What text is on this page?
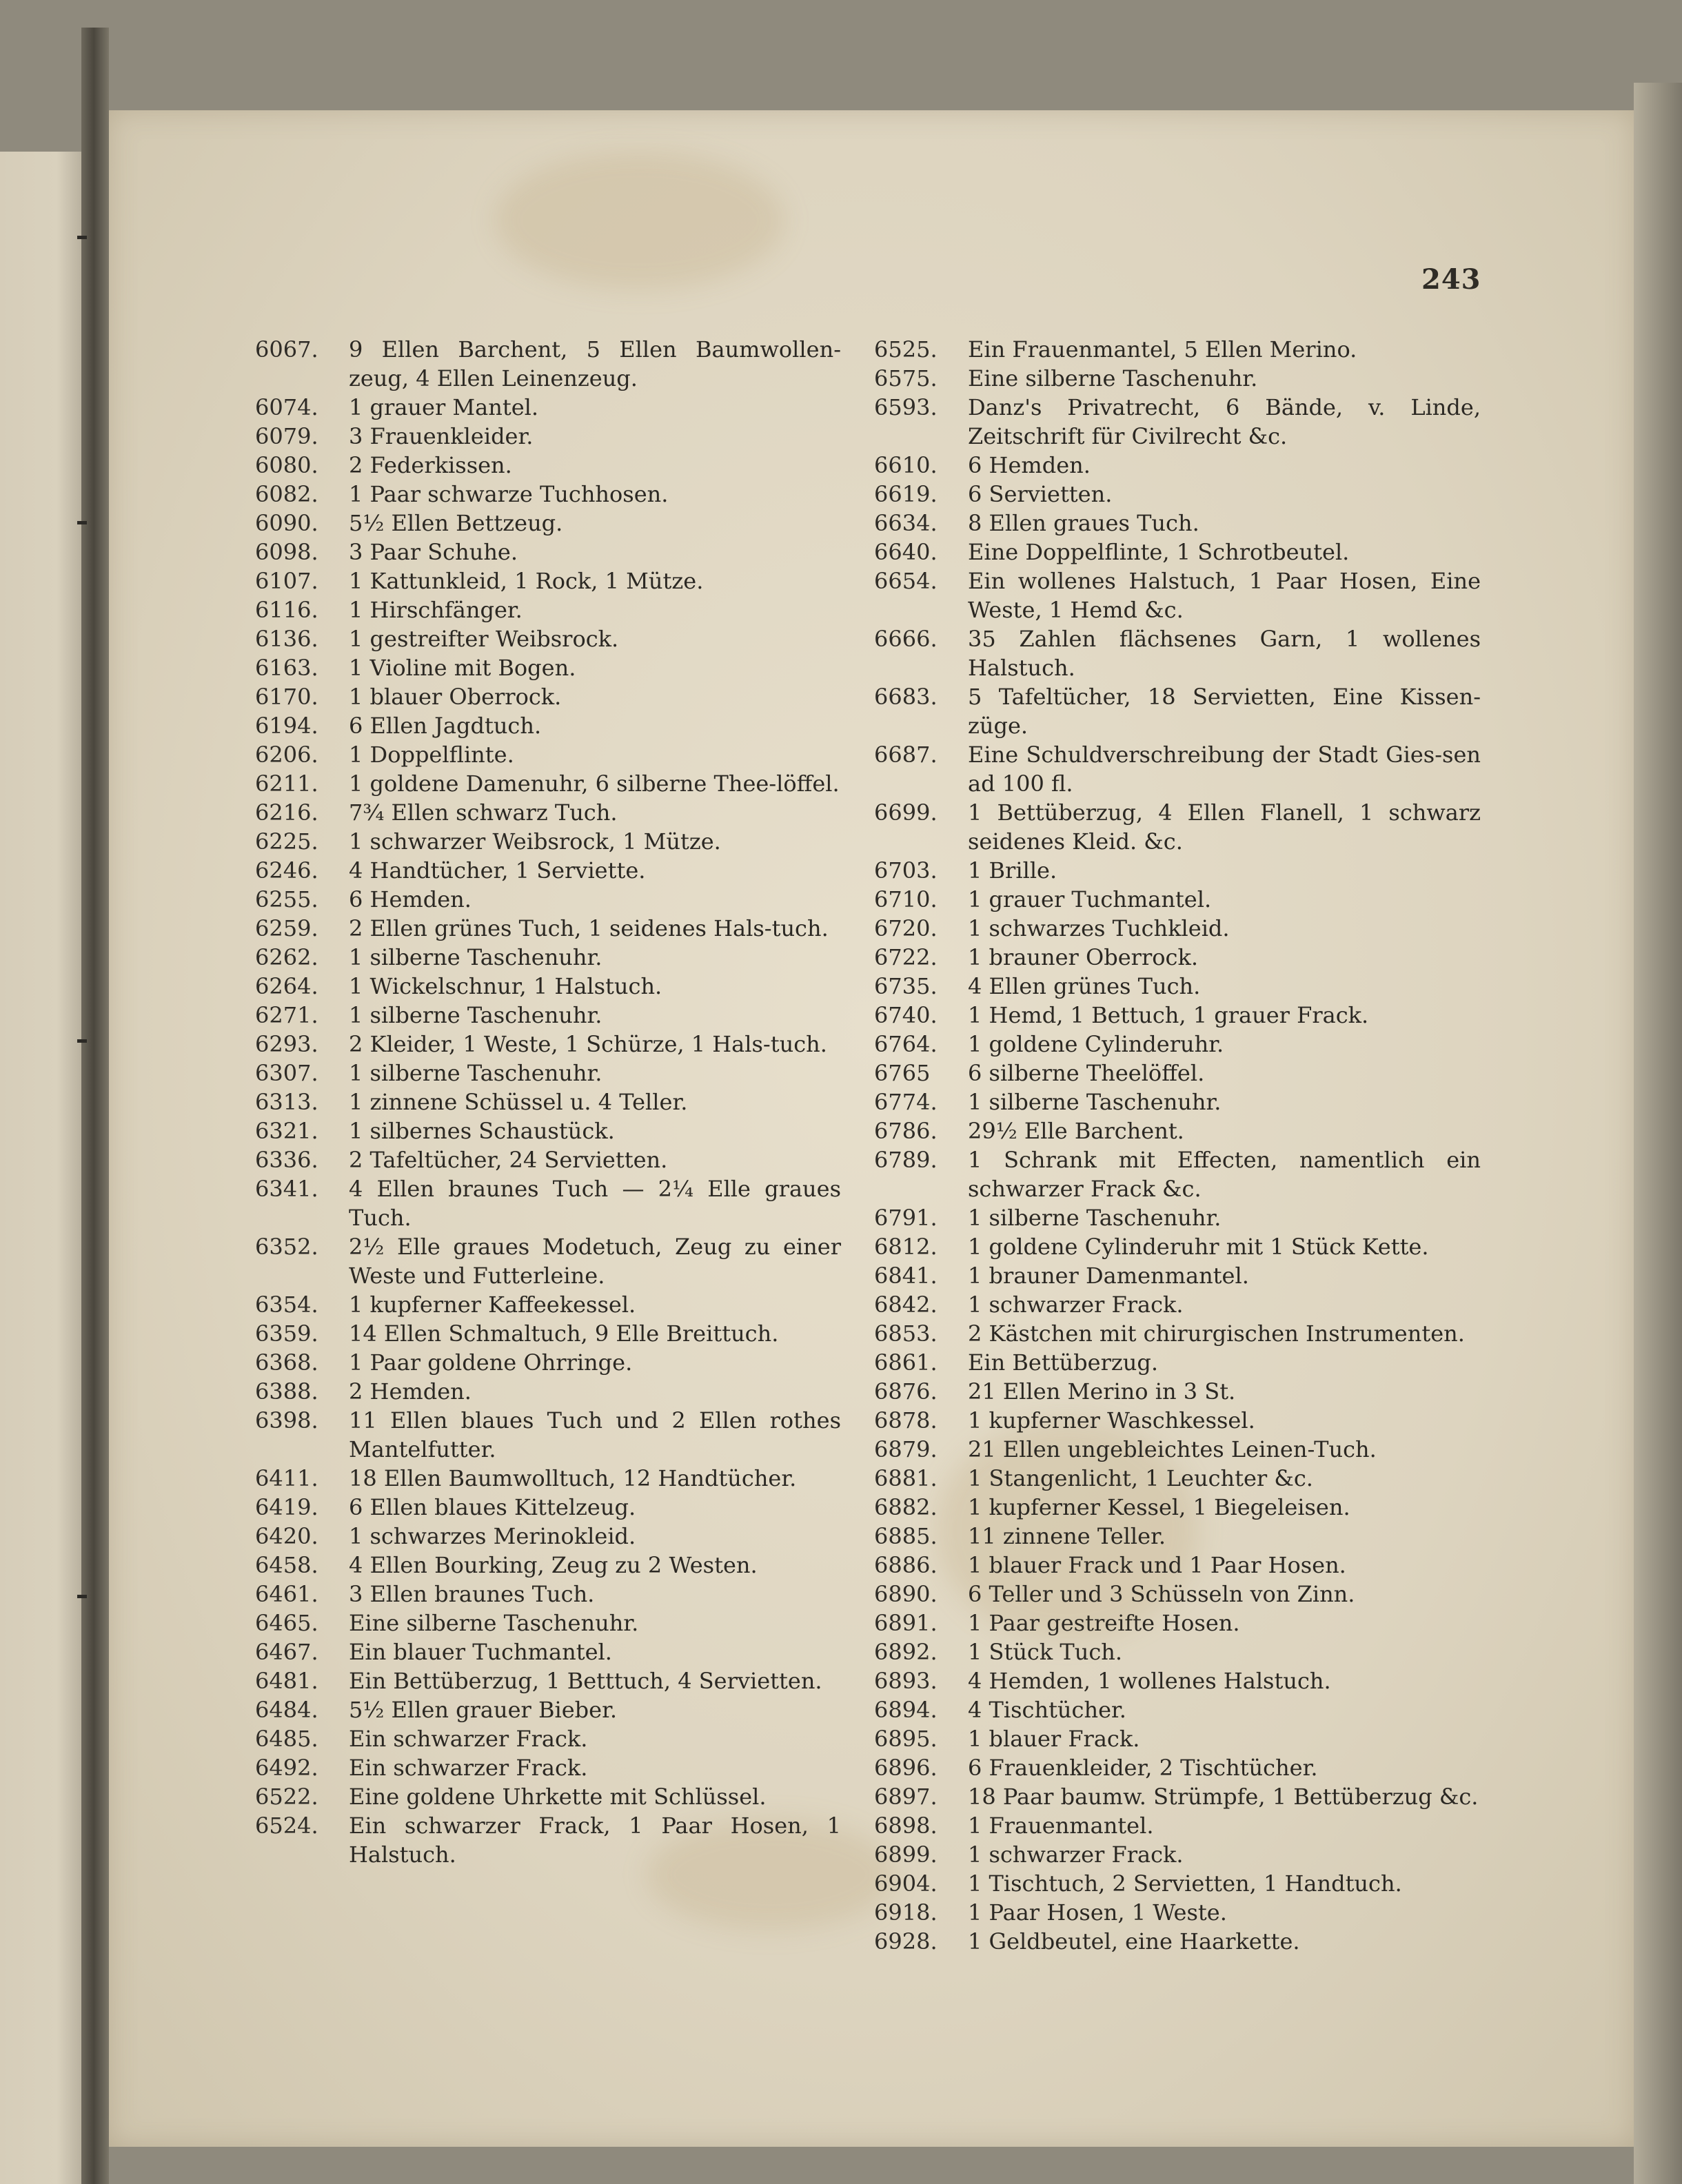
243
6067.	9 Ellen Barchent, 5 Ellen Baumwollen-zeug, 4 Ellen Leinenzeug.
6074.	1 grauer Mantel.
6079.	3 Frauenkleider.
6080.	2 Federkissen.
6082.	1 Paar schwarze Tuchhosen.
6090.	5½ Ellen Bettzeug.
6098.	3 Paar Schuhe.
6107.	1 Kattunkleid, 1 Rock, 1 Mütze.
6116.	1 Hirschfänger.
6136.	1 gestreifter Weibsrock.
6163.	1 Violine mit Bogen.
6170.	1 blauer Oberrock.
6194.	6 Ellen Jagdtuch.
6206.	1 Doppelflinte.
6211.	1 goldene Damenuhr, 6 silberne Thee-löffel.
6216.	7¾ Ellen schwarz Tuch.
6225.	1 schwarzer Weibsrock, 1 Mütze.
6246.	4 Handtücher, 1 Serviette.
6255.	6 Hemden.
6259.	2 Ellen grünes Tuch, 1 seidenes Hals-tuch.
6262.	1 silberne Taschenuhr.
6264.	1 Wickelschnur, 1 Halstuch.
6271.	1 silberne Taschenuhr.
6293.	2 Kleider, 1 Weste, 1 Schürze, 1 Hals-tuch.
6307.	1 silberne Taschenuhr.
6313.	1 zinnene Schüssel u. 4 Teller.
6321.	1 silbernes Schaustück.
6336.	2 Tafeltücher, 24 Servietten.
6341.	4 Ellen braunes Tuch — 2¼ Elle graues Tuch.
6352.	2½ Elle graues Modetuch, Zeug zu einer Weste und Futterleine.
6354.	1 kupferner Kaffeekessel.
6359.	14 Ellen Schmaltuch, 9 Elle Breittuch.
6368.	1 Paar goldene Ohrringe.
6388.	2 Hemden.
6398.	11 Ellen blaues Tuch und 2 Ellen rothes Mantelfutter.
6411.	18 Ellen Baumwolltuch, 12 Handtücher.
6419.	6 Ellen blaues Kittelzeug.
6420.	1 schwarzes Merinokleid.
6458.	4 Ellen Bourking, Zeug zu 2 Westen.
6461.	3 Ellen braunes Tuch.
6465.	Eine silberne Taschenuhr.
6467.	Ein blauer Tuchmantel.
6481.	Ein Bettüberzug, 1 Betttuch, 4 Servietten.
6484.	5½ Ellen grauer Bieber.
6485.	Ein schwarzer Frack.
6492.	Ein schwarzer Frack.
6522.	Eine goldene Uhrkette mit Schlüssel.
6524.	Ein schwarzer Frack, 1 Paar Hosen, 1 Halstuch.
6525.	Ein Frauenmantel, 5 Ellen Merino.
6575.	Eine silberne Taschenuhr.
6593.	Danz's Privatrecht, 6 Bände, v. Linde, Zeitschrift für Civilrecht &c.
6610.	6 Hemden.
6619.	6 Servietten.
6634.	8 Ellen graues Tuch.
6640.	Eine Doppelflinte, 1 Schrotbeutel.
6654.	Ein wollenes Halstuch, 1 Paar Hosen, Eine Weste, 1 Hemd &c.
6666.	35 Zahlen flächsenes Garn, 1 wollenes Halstuch.
6683.	5 Tafeltücher, 18 Servietten, Eine Kissen-züge.
6687.	Eine Schuldverschreibung der Stadt Gies-sen ad 100 fl.
6699.	1 Bettüberzug, 4 Ellen Flanell, 1 schwarz seidenes Kleid. &c.
6703.	1 Brille.
6710.	1 grauer Tuchmantel.
6720.	1 schwarzes Tuchkleid.
6722.	1 brauner Oberrock.
6735.	4 Ellen grünes Tuch.
6740.	1 Hemd, 1 Bettuch, 1 grauer Frack.
6764.	1 goldene Cylinderuhr.
6765	6 silberne Theelöffel.
6774.	1 silberne Taschenuhr.
6786.	29½ Elle Barchent.
6789.	1 Schrank mit Effecten, namentlich ein schwarzer Frack &c.
6791.	1 silberne Taschenuhr.
6812.	1 goldene Cylinderuhr mit 1 Stück Kette.
6841.	1 brauner Damenmantel.
6842.	1 schwarzer Frack.
6853.	2 Kästchen mit chirurgischen Instrumenten.
6861.	Ein Bettüberzug.
6876.	21 Ellen Merino in 3 St.
6878.	1 kupferner Waschkessel.
6879.	21 Ellen ungebleichtes Leinen-Tuch.
6881.	1 Stangenlicht, 1 Leuchter &c.
6882.	1 kupferner Kessel, 1 Biegeleisen.
6885.	11 zinnene Teller.
6886.	1 blauer Frack und 1 Paar Hosen.
6890.	6 Teller und 3 Schüsseln von Zinn.
6891.	1 Paar gestreifte Hosen.
6892.	1 Stück Tuch.
6893.	4 Hemden, 1 wollenes Halstuch.
6894.	4 Tischtücher.
6895.	1 blauer Frack.
6896.	6 Frauenkleider, 2 Tischtücher.
6897.	18 Paar baumw. Strümpfe, 1 Bettüberzug &c.
6898.	1 Frauenmantel.
6899.	1 schwarzer Frack.
6904.	1 Tischtuch, 2 Servietten, 1 Handtuch.
6918.	1 Paar Hosen, 1 Weste.
6928.	1 Geldbeutel, eine Haarkette.
